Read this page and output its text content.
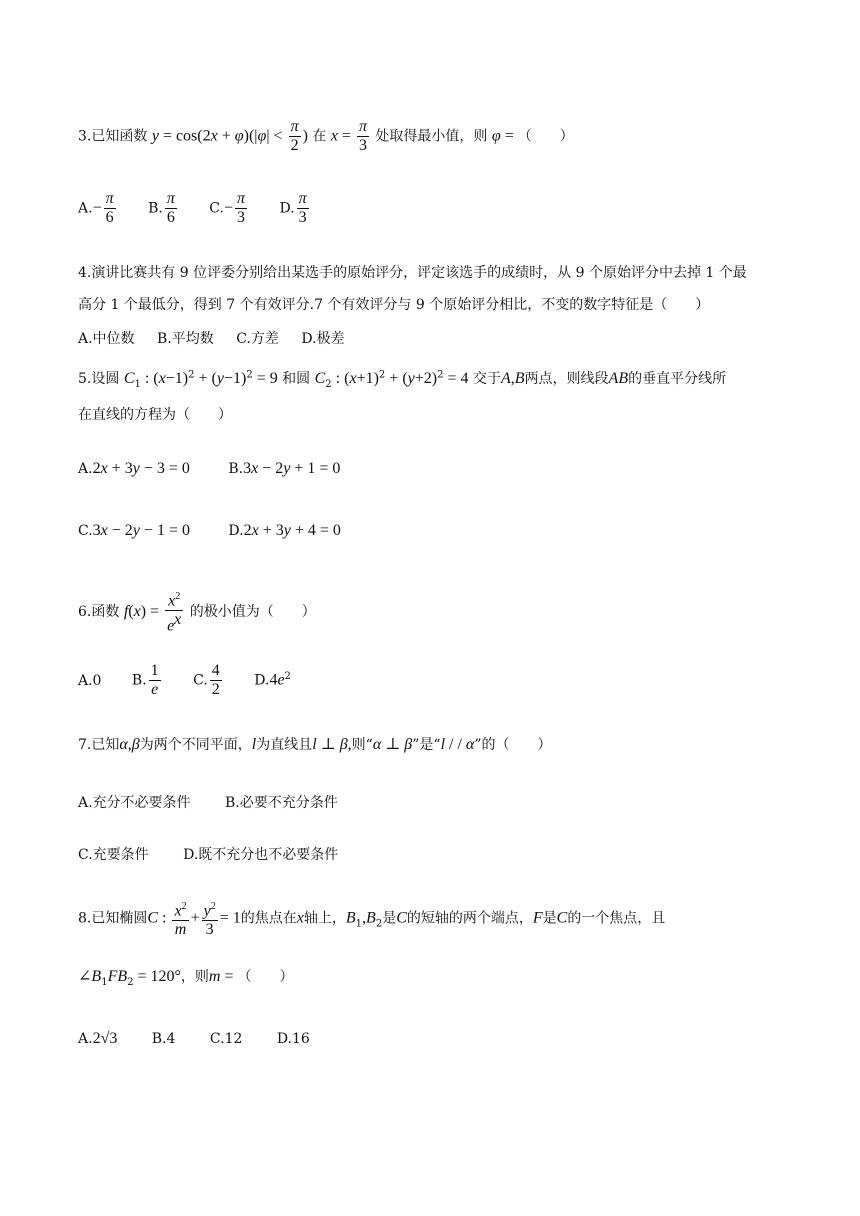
3.已知函数 $y = \cos(2x + \varphi)(|\varphi| < \frac{\pi}{2}$ ) 在 $x = \frac{\pi}{3}$ 处取得最小值，则 φ = （　　）
$A.- \frac{\pi}{6} B$. $\frac{\pi}{6} C.- \frac{\pi}{3} D$. $\frac{\pi}{3}$
4.演讲比赛共有 9 位评委分别给出某选手的原始评分，评定该选手的成绩时，从 9 个原始评分中去掉 1 个最
高分 1 个最低分，得到 7 个有效评分.7 个有效评分与 9 个原始评分相比，不变的数字特征是（　　）
A.中位数 B.平均数 C.方差 D.极差
5.设圆 $C_1$ : $(x-1)^2 + (y-1)^2 = 9$ 和圆 $C_2$ : $(x+1)^2 + (y+2)^2 = 4$ 交于A,B两点，则线段AB的垂直平分线所
在直线的方程为（　　）
A.2x + 3y − 3 = 0	B.3x − 2y + 1 = 0
C.3x − 2y − 1 = 0	D.2x + 3y + 4 = 0
6.函数 $f(x) = \frac{x^2}{e^x}$ 的极小值为（　　）
A.0 B. $\frac{1}{e} C$. $\frac{4}{2} D.4e^2$
7.已知α,β为两个不同平面，l为直线且l ⊥ β,则“α ⊥ β”是“l / / α”的（　　）
A.充分不必要条件 B.必要不充分条件
C.充要条件 D.既不充分也不必要条件
8.已知椭圆C : $\frac{x^2}{m} + \frac{y^2}{3} = 1$的焦点在x轴上，$B_1,B_2$是C的短轴的两个端点，F是C的一个焦点，且
$\angle B_1FB_2 = 120^\circ$，则m = （　　）
A.2√3 B.4 C.12 D.16
